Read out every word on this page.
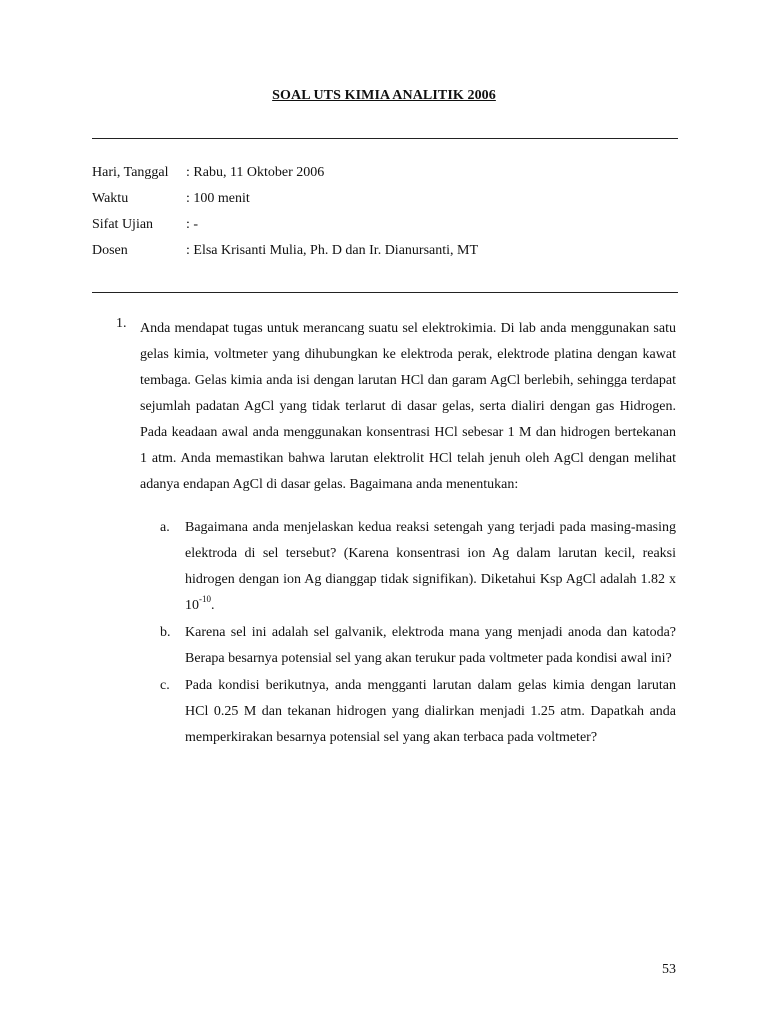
SOAL UTS KIMIA ANALITIK 2006
Hari, Tanggal	: Rabu, 11 Oktober 2006
Waktu	: 100 menit
Sifat Ujian	: -
Dosen	: Elsa Krisanti Mulia, Ph. D dan Ir. Dianursanti, MT
1. Anda mendapat tugas untuk merancang suatu sel elektrokimia. Di lab anda menggunakan satu gelas kimia, voltmeter yang dihubungkan ke elektroda perak, elektrode platina dengan kawat tembaga. Gelas kimia anda isi dengan larutan HCl dan garam AgCl berlebih, sehingga terdapat sejumlah padatan AgCl yang tidak terlarut di dasar gelas, serta dialiri dengan gas Hidrogen. Pada keadaan awal anda menggunakan konsentrasi HCl sebesar 1 M dan hidrogen bertekanan 1 atm. Anda memastikan bahwa larutan elektrolit HCl telah jenuh oleh AgCl dengan melihat adanya endapan AgCl di dasar gelas. Bagaimana anda menentukan:
a. Bagaimana anda menjelaskan kedua reaksi setengah yang terjadi pada masing-masing elektroda di sel tersebut? (Karena konsentrasi ion Ag dalam larutan kecil, reaksi hidrogen dengan ion Ag dianggap tidak signifikan). Diketahui Ksp AgCl adalah 1.82 x $10^{-10}$.
b. Karena sel ini adalah sel galvanik, elektroda mana yang menjadi anoda dan katoda? Berapa besarnya potensial sel yang akan terukur pada voltmeter pada kondisi awal ini?
c. Pada kondisi berikutnya, anda mengganti larutan dalam gelas kimia dengan larutan HCl 0.25 M dan tekanan hidrogen yang dialirkan menjadi 1.25 atm. Dapatkah anda memperkirakan besarnya potensial sel yang akan terbaca pada voltmeter?
53
